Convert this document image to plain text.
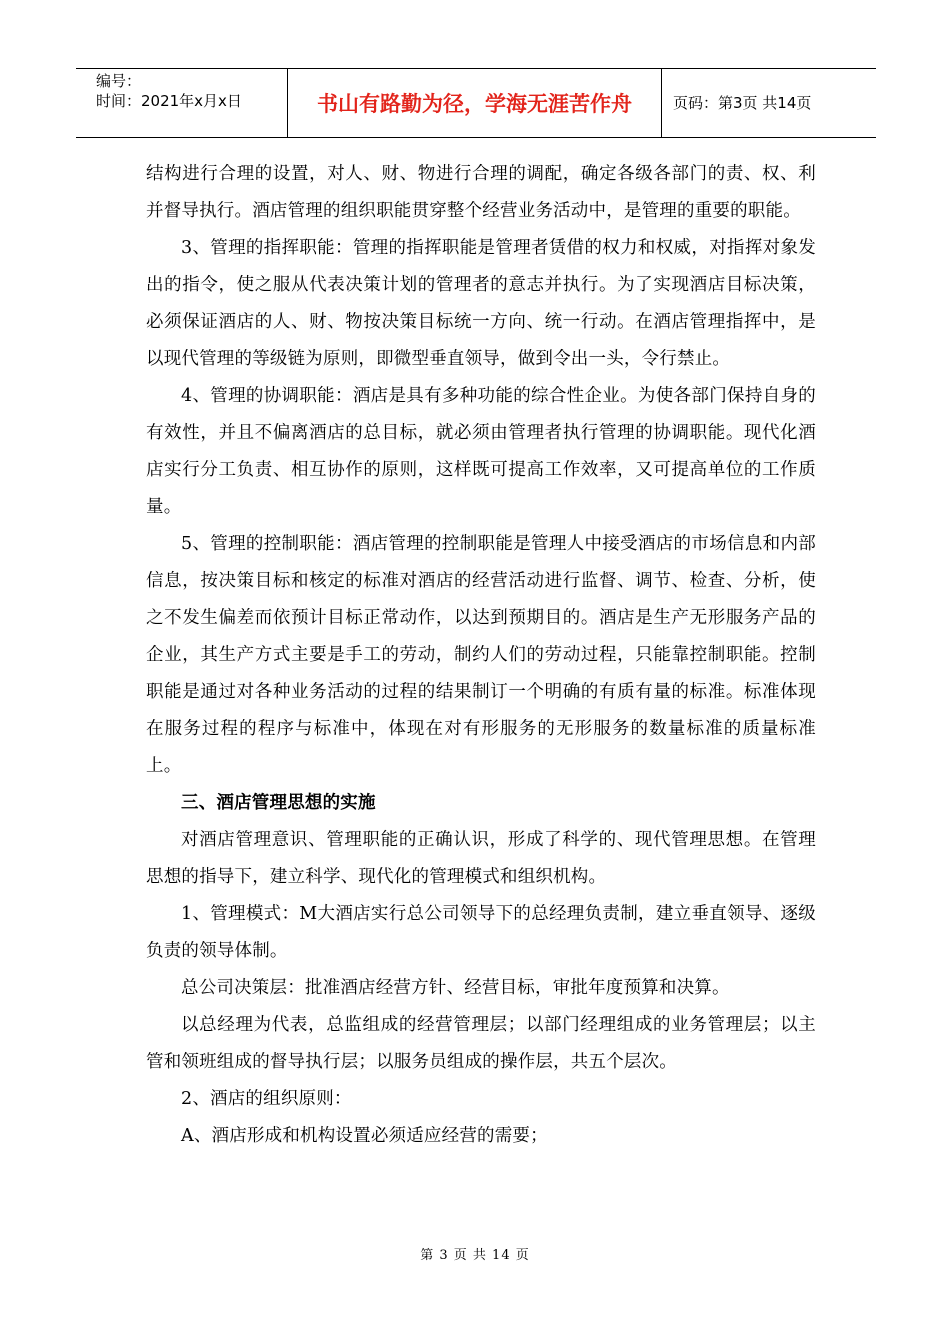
编号：
时间：2021年x月x日	书山有路勤为径，学海无涯苦作舟	页码：第3页 共14页

结构进行合理的设置，对人、财、物进行合理的调配，确定各级各部门的责、权、利并督导执行。酒店管理的组织职能贯穿整个经营业务活动中，是管理的重要的职能。

3、管理的指挥职能：管理的指挥职能是管理者赁借的权力和权威，对指挥对象发出的指令，使之服从代表决策计划的管理者的意志并执行。为了实现酒店目标决策，必须保证酒店的人、财、物按决策目标统一方向、统一行动。在酒店管理指挥中，是以现代管理的等级链为原则，即微型垂直领导，做到令出一头，令行禁止。

4、管理的协调职能：酒店是具有多种功能的综合性企业。为使各部门保持自身的有效性，并且不偏离酒店的总目标，就必须由管理者执行管理的协调职能。现代化酒店实行分工负责、相互协作的原则，这样既可提高工作效率，又可提高单位的工作质量。

5、管理的控制职能：酒店管理的控制职能是管理人中接受酒店的市场信息和内部信息，按决策目标和核定的标准对酒店的经营活动进行监督、调节、检查、分析，使之不发生偏差而依预计目标正常动作，以达到预期目的。酒店是生产无形服务产品的企业，其生产方式主要是手工的劳动，制约人们的劳动过程，只能靠控制职能。控制职能是通过对各种业务活动的过程的结果制订一个明确的有质有量的标准。标准体现在服务过程的程序与标准中，体现在对有形服务的无形服务的数量标准的质量标准上。

三、酒店管理思想的实施

对酒店管理意识、管理职能的正确认识，形成了科学的、现代管理思想。在管理思想的指导下，建立科学、现代化的管理模式和组织机构。

1、管理模式：M大酒店实行总公司领导下的总经理负责制，建立垂直领导、逐级负责的领导体制。

总公司决策层：批准酒店经营方针、经营目标，审批年度预算和决算。

以总经理为代表，总监组成的经营管理层；以部门经理组成的业务管理层；以主管和领班组成的督导执行层；以服务员组成的操作层，共五个层次。

2、酒店的组织原则：

A、酒店形成和机构设置必须适应经营的需要；

第 3 页 共 14 页
